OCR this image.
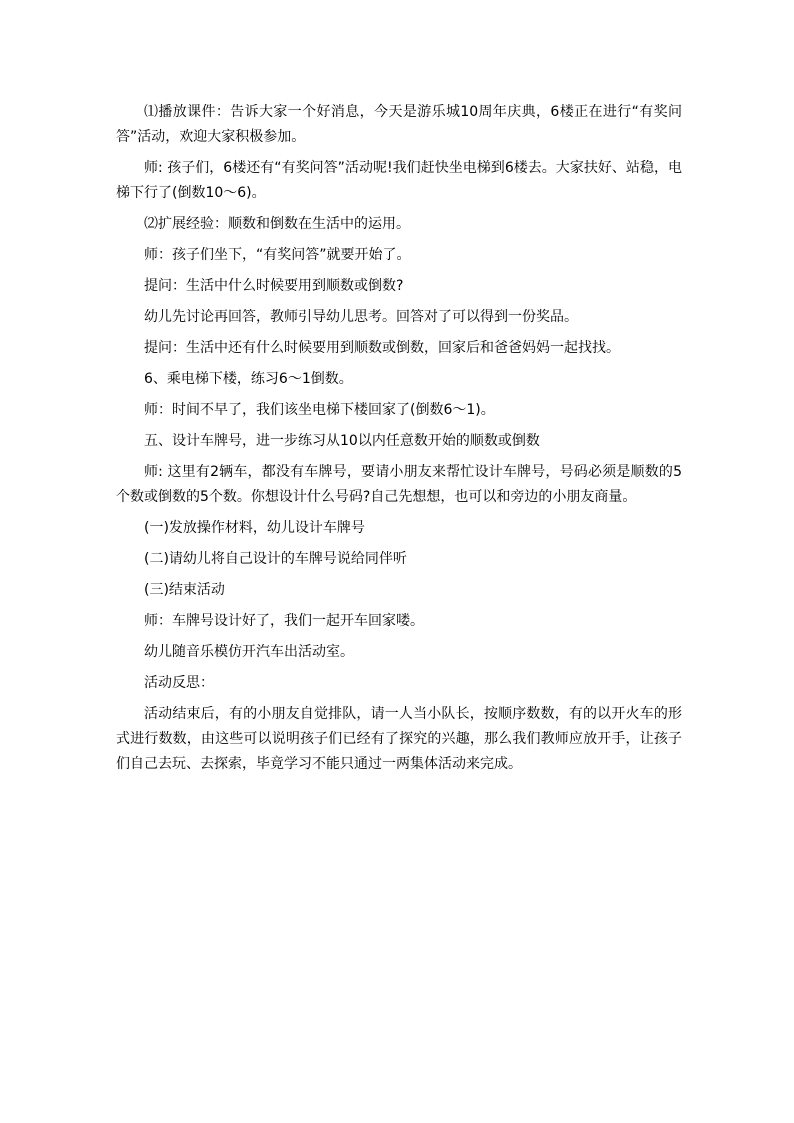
⑴播放课件：告诉大家一个好消息，今天是游乐城10周年庆典，6楼正在进行“有奖问答”活动，欢迎大家积极参加。

师: 孩子们，6楼还有“有奖问答”活动呢!我们赶快坐电梯到6楼去。大家扶好、站稳，电梯下行了(倒数10～6)。

⑵扩展经验：顺数和倒数在生活中的运用。

师：孩子们坐下，“有奖问答”就要开始了。

提问：生活中什么时候要用到顺数或倒数?

幼儿先讨论再回答，教师引导幼儿思考。回答对了可以得到一份奖品。

提问：生活中还有什么时候要用到顺数或倒数，回家后和爸爸妈妈一起找找。

6、乘电梯下楼，练习6～1倒数。

师：时间不早了，我们该坐电梯下楼回家了(倒数6～1)。

五、设计车牌号，进一步练习从10以内任意数开始的顺数或倒数

师: 这里有2辆车，都没有车牌号，要请小朋友来帮忙设计车牌号，号码必须是顺数的5个数或倒数的5个数。你想设计什么号码?自己先想想，也可以和旁边的小朋友商量。

(一)发放操作材料，幼儿设计车牌号

(二)请幼儿将自己设计的车牌号说给同伴听

(三)结束活动

师：车牌号设计好了，我们一起开车回家喽。

幼儿随音乐模仿开汽车出活动室。

活动反思：

活动结束后，有的小朋友自觉排队，请一人当小队长，按顺序数数，有的以开火车的形式进行数数，由这些可以说明孩子们已经有了探究的兴趣，那么我们教师应放开手，让孩子们自己去玩、去探索，毕竟学习不能只通过一两集体活动来完成。
